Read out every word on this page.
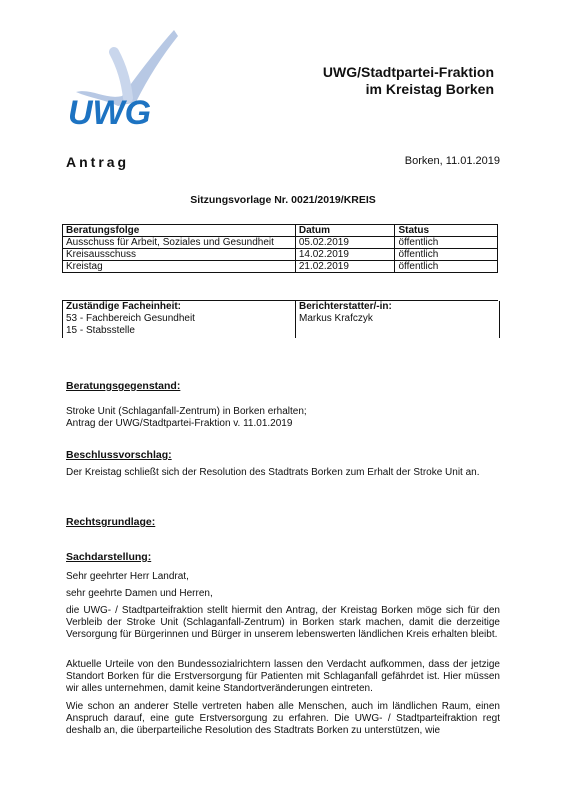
UWG
UWG/Stadtpartei-Fraktion
im Kreistag Borken
Antrag	Borken, 11.01.2019
Sitzungsvorlage Nr. 0021/2019/KREIS
Beratungsfolge	Datum	Status
Ausschuss für Arbeit, Soziales und Gesundheit	05.02.2019	öffentlich
Kreisausschuss	14.02.2019	öffentlich
Kreistag	21.02.2019	öffentlich
Zuständige Facheinheit:
53 - Fachbereich Gesundheit
15 - Stabsstelle
Berichterstatter/-in:
Markus Krafczyk
Beratungsgegenstand:
Stroke Unit (Schlaganfall-Zentrum) in Borken erhalten;
Antrag der UWG/Stadtpartei-Fraktion v. 11.01.2019
Beschlussvorschlag:
Der Kreistag schließt sich der Resolution des Stadtrats Borken zum Erhalt der Stroke Unit an.
Rechtsgrundlage:
Sachdarstellung:
Sehr geehrter Herr Landrat,
sehr geehrte Damen und Herren,
die UWG- / Stadtparteifraktion stellt hiermit den Antrag, der Kreistag Borken möge sich für den Verbleib der Stroke Unit (Schlaganfall-Zentrum) in Borken stark machen, damit die derzeitige Versorgung für Bürgerinnen und Bürger in unserem lebenswerten ländlichen Kreis erhalten bleibt.
Aktuelle Urteile von den Bundessozialrichtern lassen den Verdacht aufkommen, dass der jetzige Standort Borken für die Erstversorgung für Patienten mit Schlaganfall gefährdet ist. Hier müssen wir alles unternehmen, damit keine Standortveränderungen eintreten.
Wie schon an anderer Stelle vertreten haben alle Menschen, auch im ländlichen Raum, einen Anspruch darauf, eine gute Erstversorgung zu erfahren. Die UWG- / Stadtparteifraktion regt deshalb an, die überparteiliche Resolution des Stadtrats Borken zu unterstützen, wie
